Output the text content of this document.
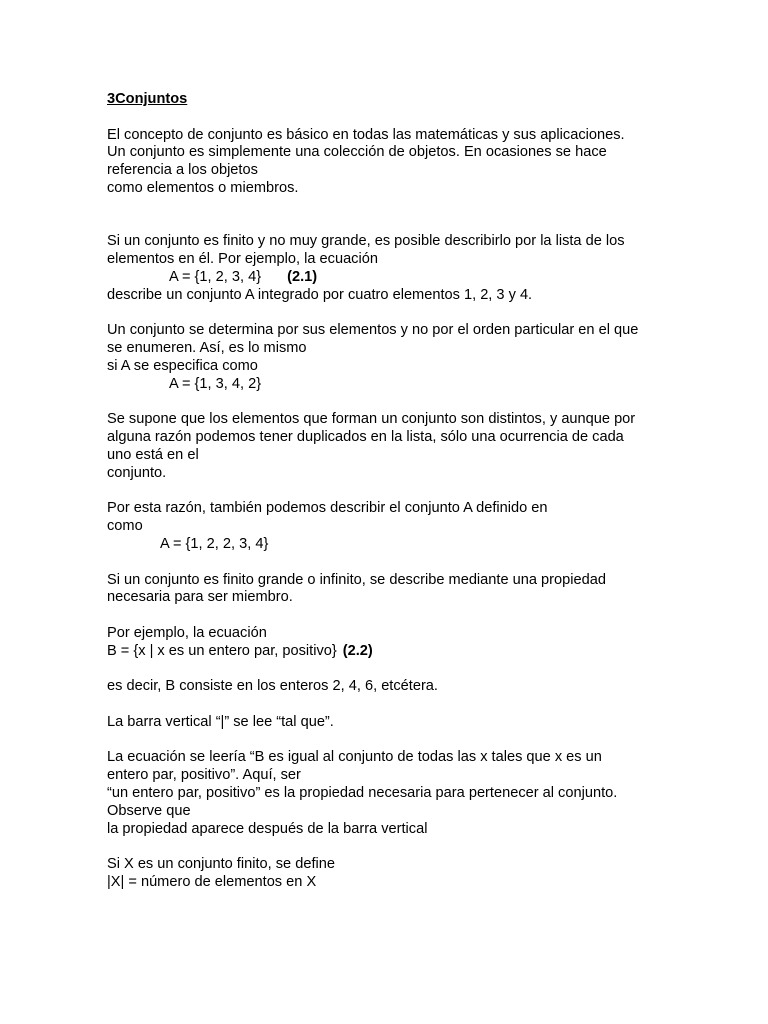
3Conjuntos
El concepto de conjunto es básico en todas las matemáticas y sus aplicaciones.
Un conjunto es simplemente una colección de objetos. En ocasiones se hace
referencia a los objetos
como elementos o miembros.
Si un conjunto es finito y no muy grande, es posible describirlo por la lista de los
elementos en él. Por ejemplo, la ecuación
A = {1, 2, 3, 4} (2.1)
describe un conjunto A integrado por cuatro elementos 1, 2, 3 y 4.
Un conjunto se determina por sus elementos y no por el orden particular en el que
se enumeren. Así, es lo mismo
si A se especifica como
A = {1, 3, 4, 2}
Se supone que los elementos que forman un conjunto son distintos, y aunque por
alguna razón podemos tener duplicados en la lista, sólo una ocurrencia de cada
uno está en el
conjunto.
Por esta razón, también podemos describir el conjunto A definido en
como
A = {1, 2, 2, 3, 4}
Si un conjunto es finito grande o infinito, se describe mediante una propiedad
necesaria para ser miembro.
Por ejemplo, la ecuación
B = {x | x es un entero par, positivo} (2.2)
es decir, B consiste en los enteros 2, 4, 6, etcétera.
La barra vertical “|” se lee “tal que”.
La ecuación se leería “B es igual al conjunto de todas las x tales que x es un
entero par, positivo”. Aquí, ser
“un entero par, positivo” es la propiedad necesaria para pertenecer al conjunto.
Observe que
la propiedad aparece después de la barra vertical
Si X es un conjunto finito, se define
|X| = número de elementos en X
